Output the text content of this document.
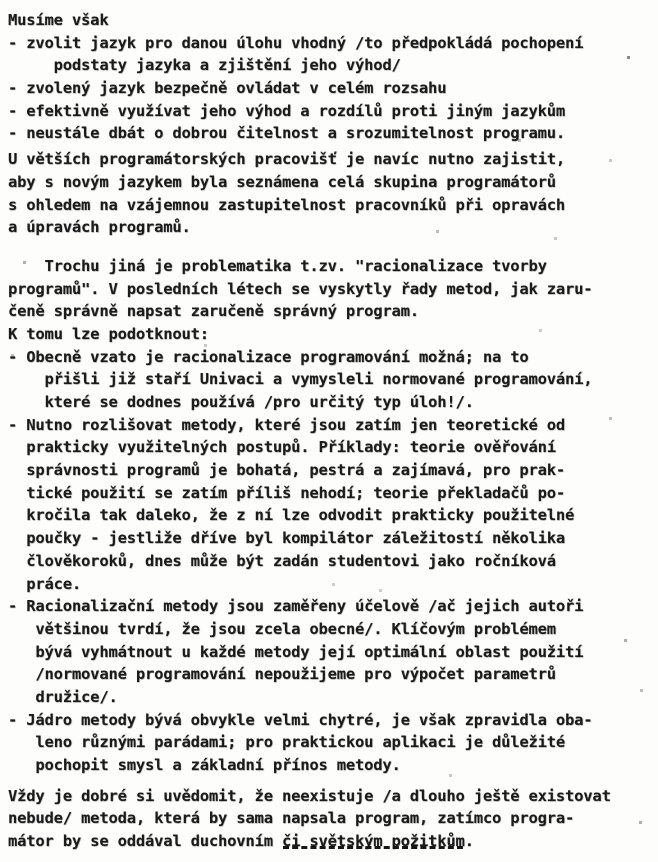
Musíme však
- zvolit jazyk pro danou úlohu vhodný /to předpokládá pochopení
podstaty jazyka a zjištění jeho výhod/
- zvolený jazyk bezpečně ovládat v celém rozsahu
- efektivně využívat jeho výhod a rozdílů proti jiným jazykům
- neustále dbát o dobrou čitelnost a srozumitelnost programu.
U větších programátorských pracovišť je navíc nutno zajistit,
aby s novým jazykem byla seznámena celá skupina programátorů
s ohledem na vzájemnou zastupitelnost pracovníků při opravách
a úpravách programů.
Trochu jiná je problematika t.zv. "racionalizace tvorby
programů". V posledních létech se vyskytly řady metod, jak zaru-
čeně správně napsat zaručeně správný program.
K tomu lze podotknout:
- Obecně vzato je racionalizace programování možná; na to
přišli již staří Univaci a vymysleli normované programování,
které se dodnes používá /pro určitý typ úloh!/.
- Nutno rozlišovat metody, které jsou zatím jen teoretické od
prakticky využitelných postupů. Příklady: teorie ověřování
správnosti programů je bohatá, pestrá a zajímavá, pro prak-
tické použití se zatím příliš nehodí; teorie překladačů po-
kročila tak daleko, že z ní lze odvodit prakticky použitelné
poučky - jestliže dříve byl kompilátor záležitostí několika
člověkoroků, dnes může být zadán studentovi jako ročníková
práce.
- Racionalizační metody jsou zaměřeny účelově /ač jejich autoři
většinou tvrdí, že jsou zcela obecné/. Klíčovým problémem
bývá vyhmátnout u každé metody její optimální oblast použití
/normované programování nepoužijeme pro výpočet parametrů
družice/.
- Jádro metody bývá obvykle velmi chytré, je však zpravidla oba-
leno různými parádami; pro praktickou aplikaci je důležité
pochopit smysl a základní přínos metody.
Vždy je dobré si uvědomit, že neexistuje /a dlouho ještě existovat
nebude/ metoda, která by sama napsala program, zatímco progra-
mátor by se oddával duchovním či světským požitkům.
